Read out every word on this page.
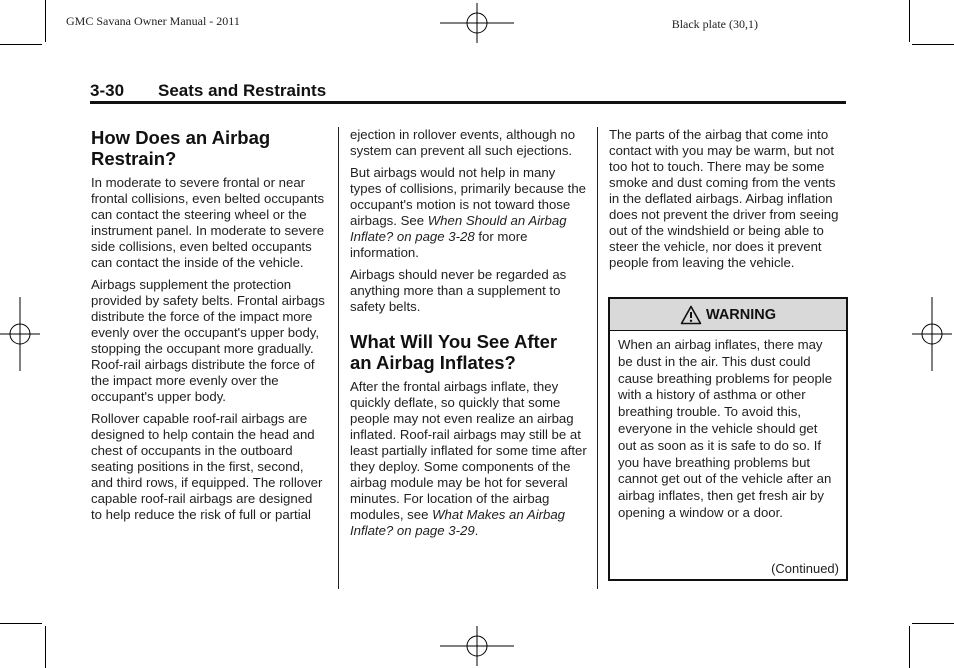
GMC Savana Owner Manual - 2011	Black plate (30,1)
3-30 Seats and Restraints
How Does an Airbag
Restrain?

In moderate to severe frontal or near frontal collisions, even belted occupants can contact the steering wheel or the instrument panel. In moderate to severe side collisions, even belted occupants can contact the inside of the vehicle.

Airbags supplement the protection provided by safety belts. Frontal airbags distribute the force of the impact more evenly over the occupant's upper body, stopping the occupant more gradually. Roof-rail airbags distribute the force of the impact more evenly over the occupant's upper body.

Rollover capable roof-rail airbags are designed to help contain the head and chest of occupants in the outboard seating positions in the first, second, and third rows, if equipped. The rollover capable roof-rail airbags are designed to help reduce the risk of full or partial

ejection in rollover events, although no system can prevent all such ejections.

But airbags would not help in many types of collisions, primarily because the occupant's motion is not toward those airbags. See When Should an Airbag Inflate? on page 3-28 for more information.

Airbags should never be regarded as anything more than a supplement to safety belts.

What Will You See After
an Airbag Inflates?

After the frontal airbags inflate, they quickly deflate, so quickly that some people may not even realize an airbag inflated. Roof-rail airbags may still be at least partially inflated for some time after they deploy. Some components of the airbag module may be hot for several minutes. For location of the airbag modules, see What Makes an Airbag Inflate? on page 3-29.

The parts of the airbag that come into contact with you may be warm, but not too hot to touch. There may be some smoke and dust coming from the vents in the deflated airbags. Airbag inflation does not prevent the driver from seeing out of the windshield or being able to steer the vehicle, nor does it prevent people from leaving the vehicle.

WARNING
When an airbag inflates, there may be dust in the air. This dust could cause breathing problems for people with a history of asthma or other breathing trouble. To avoid this, everyone in the vehicle should get out as soon as it is safe to do so. If you have breathing problems but cannot get out of the vehicle after an airbag inflates, then get fresh air by opening a window or a door.
(Continued)
